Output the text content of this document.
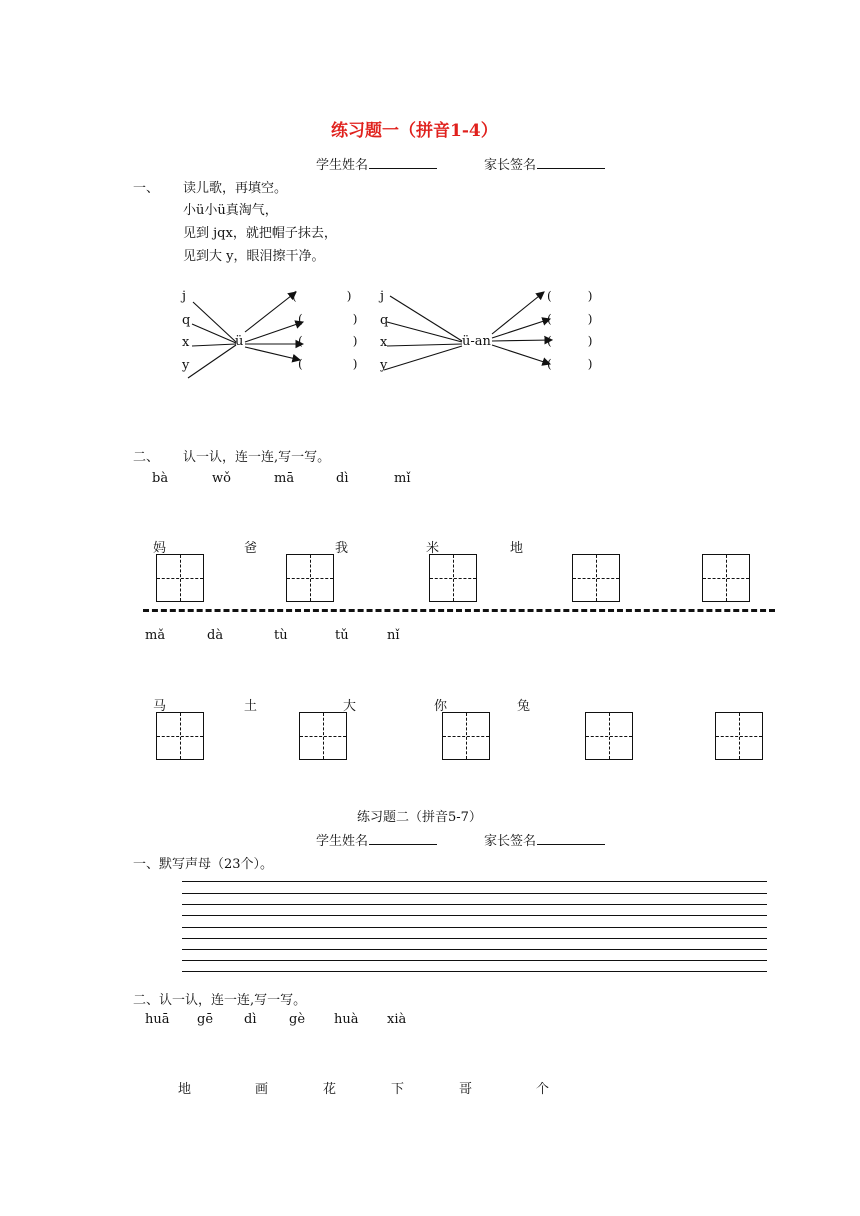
练习题一（拼音1-4）
学生姓名	家长签名
一、 读儿歌，再填空。
小ü小ü真淘气，
见到 jqx，就把帽子抹去，
见到大 y，眼泪擦干净。
j
q
x
y
ü
(	)
(	)
(	)
(	)
j
q
x
y
ü-an
(	)
(	)
(	)
(	)
二、 认一认，连一连,写一写。
bà	wǒ	mā	dì	mǐ
妈	爸	我	米	地
mǎ	dà	tù	tǔ	nǐ
马	土	大	你	兔
练习题二（拼音5-7）
学生姓名	家长签名
一、默写声母（23个）。
二、认一认，连一连,写一写。
huā gē dì	gè huà xià
地	画	花	下	哥	个
